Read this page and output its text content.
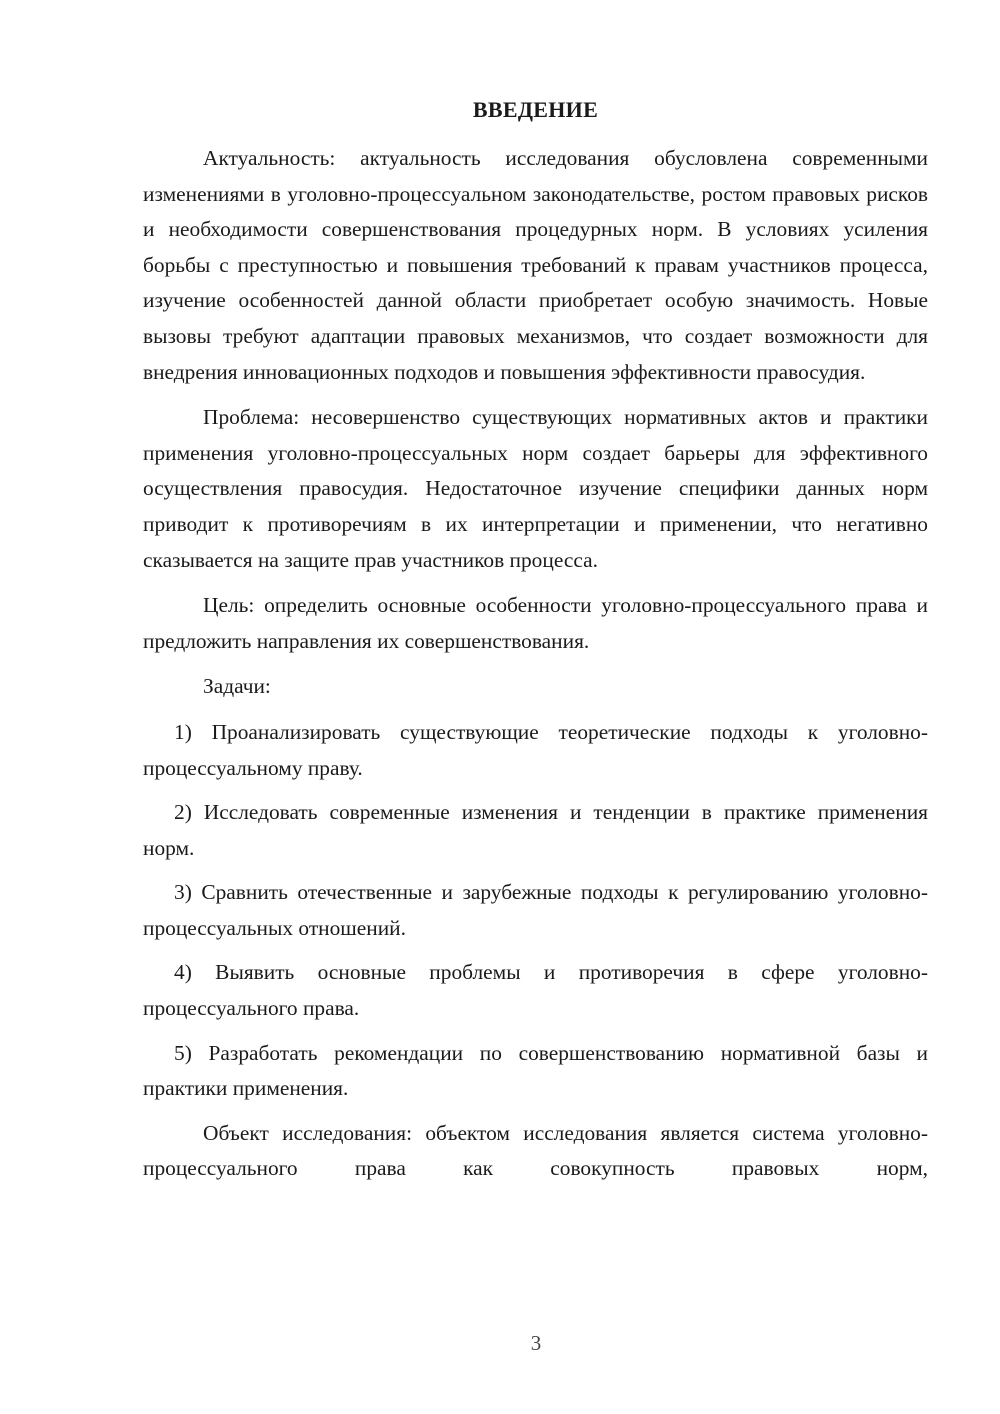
ВВЕДЕНИЕ

Актуальность: актуальность исследования обусловлена современными изменениями в уголовно-процессуальном законодательстве, ростом правовых рисков и необходимости совершенствования процедурных норм. В условиях усиления борьбы с преступностью и повышения требований к правам участников процесса, изучение особенностей данной области приобретает особую значимость. Новые вызовы требуют адаптации правовых механизмов, что создает возможности для внедрения инновационных подходов и повышения эффективности правосудия.

Проблема: несовершенство существующих нормативных актов и практики применения уголовно-процессуальных норм создает барьеры для эффективного осуществления правосудия. Недостаточное изучение специфики данных норм приводит к противоречиям в их интерпретации и применении, что негативно сказывается на защите прав участников процесса.

Цель: определить основные особенности уголовно-процессуального права и предложить направления их совершенствования.

Задачи:

1) Проанализировать существующие теоретические подходы к уголовно-процессуальному праву.

2) Исследовать современные изменения и тенденции в практике применения норм.

3) Сравнить отечественные и зарубежные подходы к регулированию уголовно-процессуальных отношений.

4) Выявить основные проблемы и противоречия в сфере уголовно-процессуального права.

5) Разработать рекомендации по совершенствованию нормативной базы и практики применения.

Объект исследования: объектом исследования является система уголовно-процессуального права как совокупность правовых норм,

3
